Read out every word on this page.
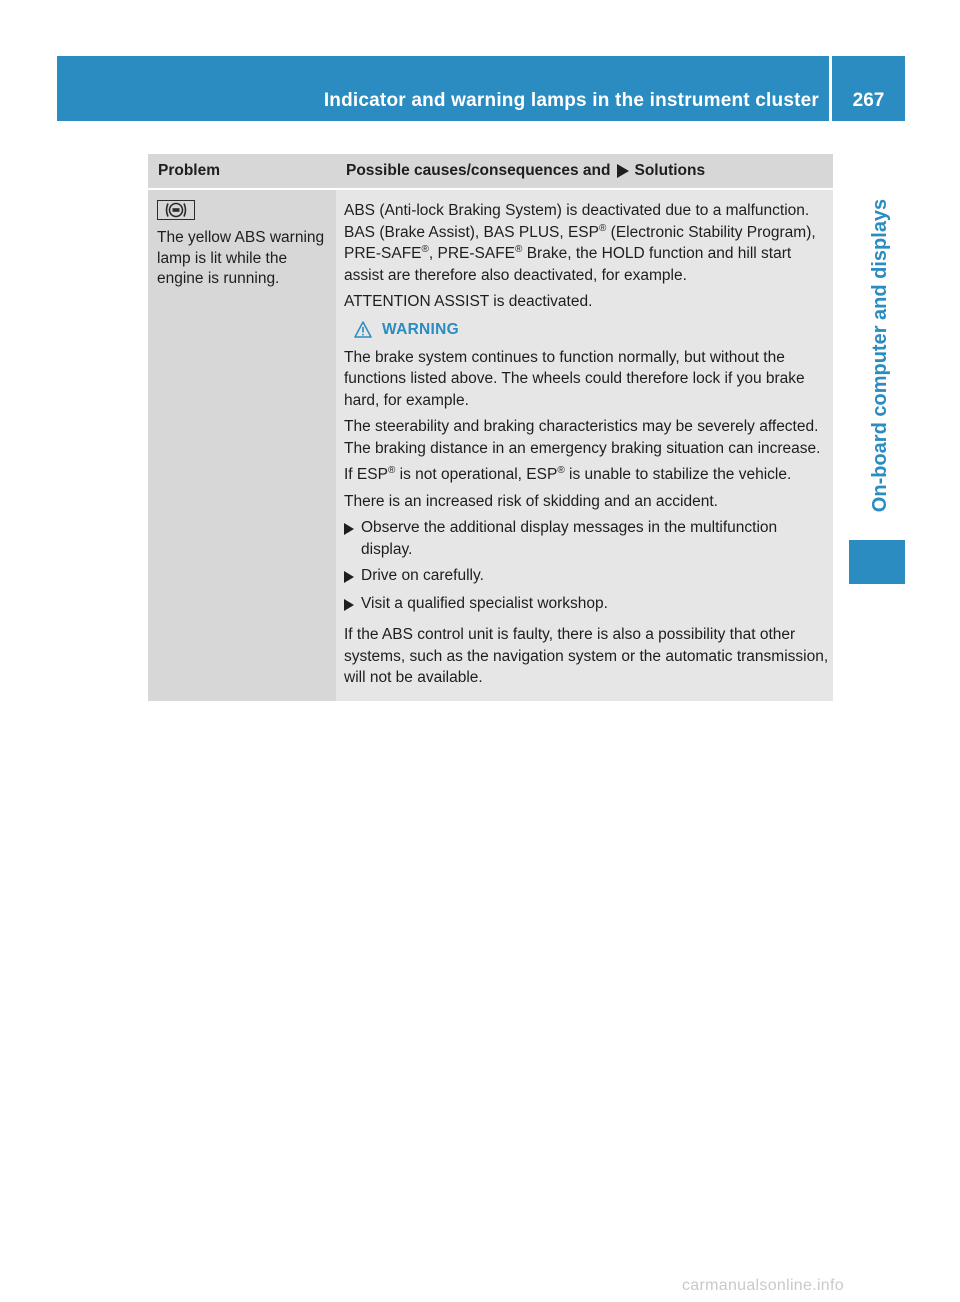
Indicator and warning lamps in the instrument cluster 267
On-board computer and displays
Problem	Possible causes/consequences and Solutions
The yellow ABS warning lamp is lit while the engine is running.
ABS (Anti-lock Braking System) is deactivated due to a malfunction. BAS (Brake Assist), BAS PLUS, ESP® (Electronic Stability Program), PRE-SAFE®, PRE-SAFE® Brake, the HOLD function and hill start assist are therefore also deactivated, for example.
ATTENTION ASSIST is deactivated.
WARNING
The brake system continues to function normally, but without the functions listed above. The wheels could therefore lock if you brake hard, for example.
The steerability and braking characteristics may be severely affected. The braking distance in an emergency braking situation can increase.
If ESP® is not operational, ESP® is unable to stabilize the vehicle.
There is an increased risk of skidding and an accident.
Observe the additional display messages in the multifunction display.
Drive on carefully.
Visit a qualified specialist workshop.
If the ABS control unit is faulty, there is also a possibility that other systems, such as the navigation system or the automatic transmission, will not be available.
carmanualsonline.info
